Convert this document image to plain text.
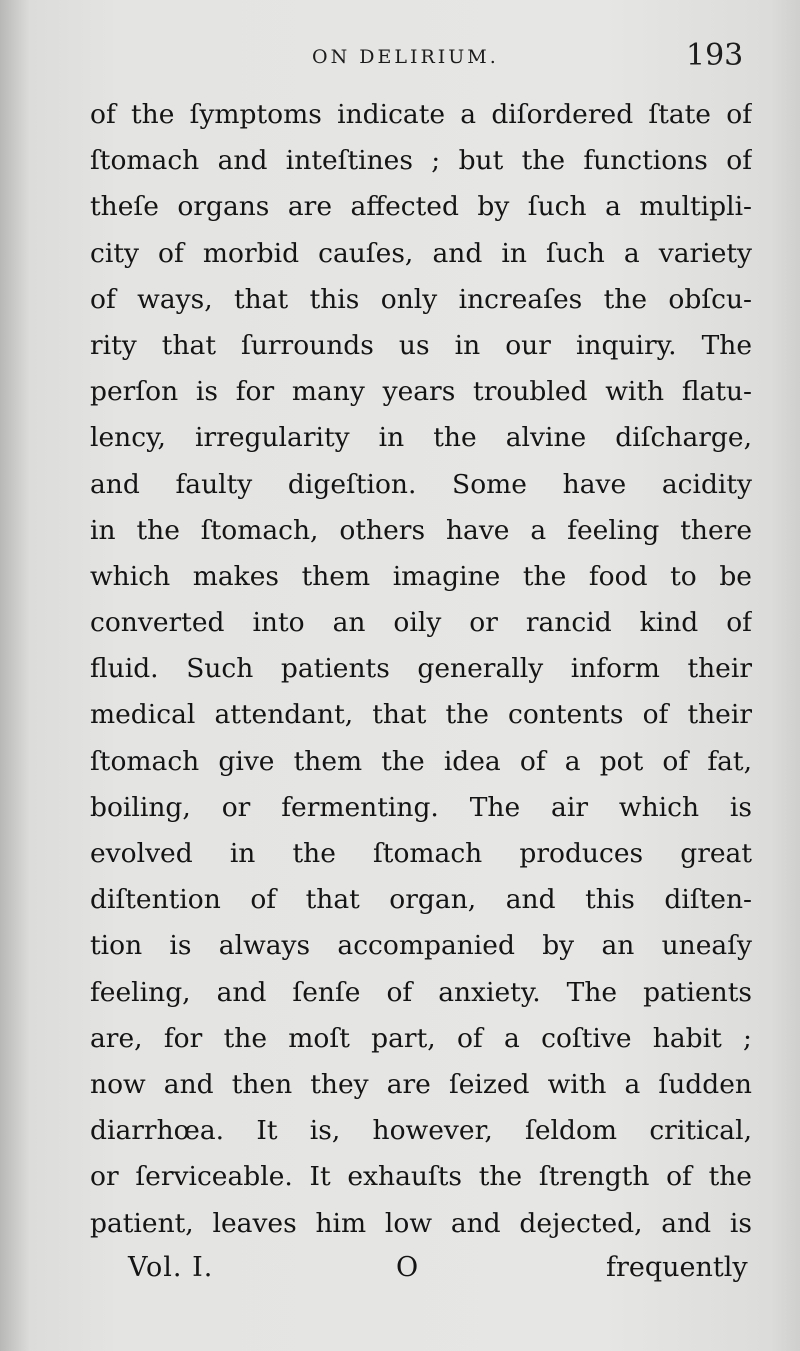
ON DELIRIUM.	193
of the ſymptoms indicate a diſordered ſtate of
ſtomach and inteſtines ; but the functions of
theſe organs are affected by ſuch a multipli-
city of morbid cauſes, and in ſuch a variety
of ways, that this only increaſes the obſcu-
rity that ſurrounds us in our inquiry. The
perſon is for many years troubled with flatu-
lency, irregularity in the alvine diſcharge,
and faulty digeſtion. Some have acidity
in the ſtomach, others have a feeling there
which makes them imagine the food to be
converted into an oily or rancid kind of
fluid. Such patients generally inform their
medical attendant, that the contents of their
ſtomach give them the idea of a pot of fat,
boiling, or fermenting. The air which is
evolved in the ſtomach produces great
diſtention of that organ, and this diſten-
tion is always accompanied by an uneaſy
feeling, and ſenſe of anxiety. The patients
are, for the moſt part, of a coſtive habit ;
now and then they are ſeized with a ſudden
diarrhœa. It is, however, ſeldom critical,
or ſerviceable. It exhauſts the ſtrength of the
patient, leaves him low and dejected, and is
Vol. I.	O	frequently
